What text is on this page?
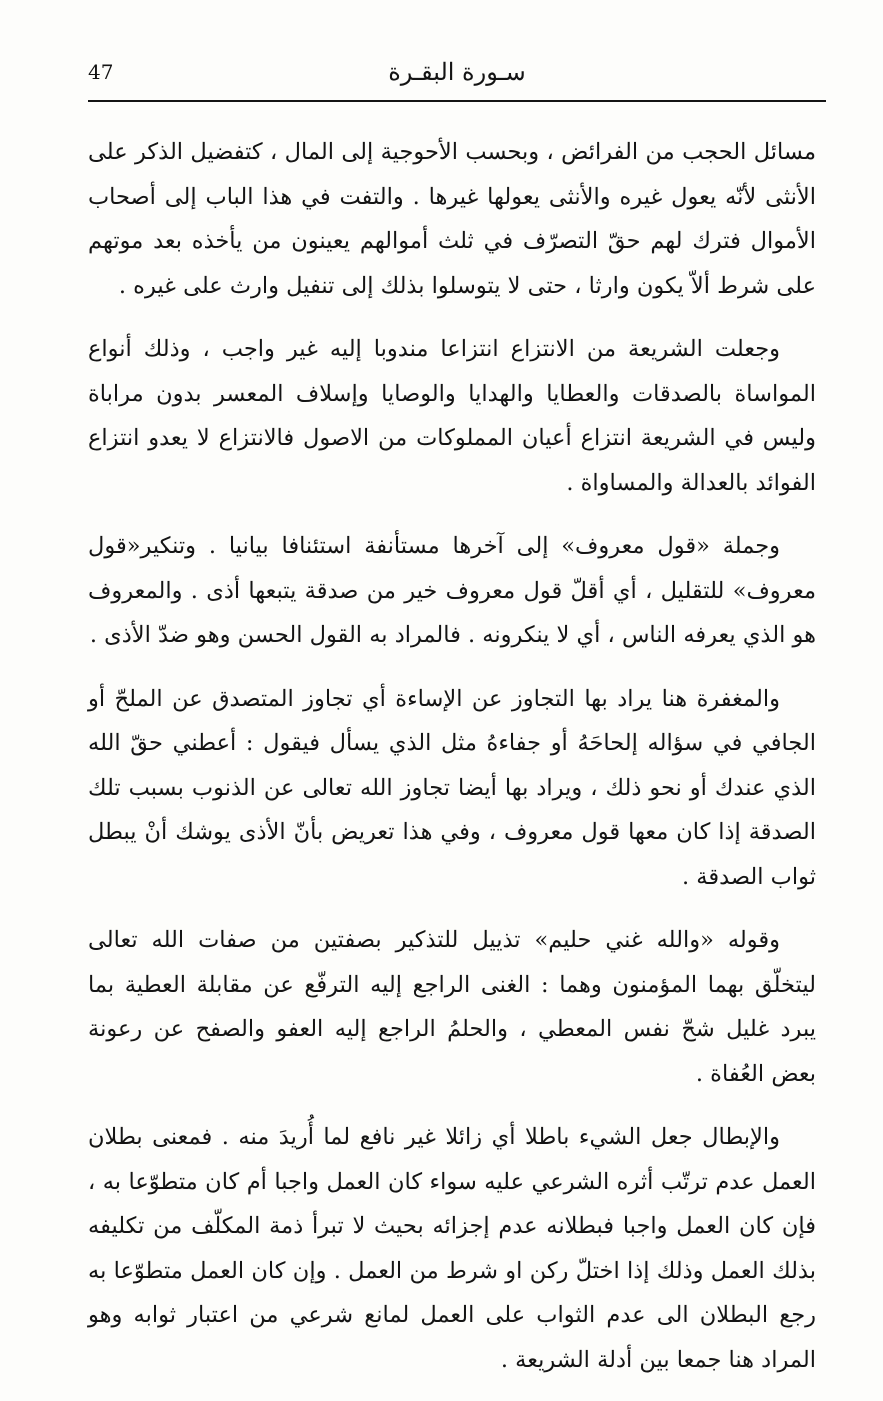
47	سـورة البقـرة

مسائل الحجب من الفرائض ، وبحسب الأحوجية إلى المال ، كتفضيل الذكر على الأنثى لأنّه يعول غيره والأنثى يعولها غيرها . والتفت في هذا الباب إلى أصحاب الأموال فترك لهم حقّ التصرّف في ثلث أموالهم يعينون من يأخذه بعد موتهم على شرط ألاّ يكون وارثا ، حتى لا يتوسلوا بذلك إلى تنفيل وارث على غيره .

وجعلت الشريعة من الانتزاع انتزاعا مندوبا إليه غير واجب ، وذلك أنواع المواساة بالصدقات والعطايا والهدايا والوصايا وإسلاف المعسر بدون مراباة وليس في الشريعة انتزاع أعيان المملوكات من الاصول فالانتزاع لا يعدو انتزاع الفوائد بالعدالة والمساواة .

وجملة «قول معروف» إلى آخرها مستأنفة استئنافا بيانيا . وتنكير«قول معروف» للتقليل ، أي أقلّ قول معروف خير من صدقة يتبعها أذى . والمعروف هو الذي يعرفه الناس ، أي لا ينكرونه . فالمراد به القول الحسن وهو ضدّ الأذى .

والمغفرة هنا يراد بها التجاوز عن الإساءة أي تجاوز المتصدق عن الملحّ أو الجافي في سؤاله إلحاحَهُ أو جفاءهُ مثل الذي يسأل فيقول : أعطني حقّ الله الذي عندك أو نحو ذلك ، ويراد بها أيضا تجاوز الله تعالى عن الذنوب بسبب تلك الصدقة إذا كان معها قول معروف ، وفي هذا تعريض بأنّ الأذى يوشك أنْ يبطل ثواب الصدقة .

وقوله «والله غني حليم» تذييل للتذكير بصفتين من صفات الله تعالى ليتخلّق بهما المؤمنون وهما : الغنى الراجع إليه الترفّع عن مقابلة العطية بما يبرد غليل شحّ نفس المعطي ، والحلمُ الراجع إليه العفو والصفح عن رعونة بعض العُفاة .

والإبطال جعل الشيء باطلا أي زائلا غير نافع لما أُريدَ منه . فمعنى بطلان العمل عدم ترتّب أثره الشرعي عليه سواء كان العمل واجبا أم كان متطوّعا به ، فإن كان العمل واجبا فبطلانه عدم إجزائه بحيث لا تبرأ ذمة المكلّف من تكليفه بذلك العمل وذلك إذا اختلّ ركن او شرط من العمل . وإن كان العمل متطوّعا به رجع البطلان الى عدم الثواب على العمل لمانع شرعي من اعتبار ثوابه وهو المراد هنا جمعا بين أدلة الشريعة .
